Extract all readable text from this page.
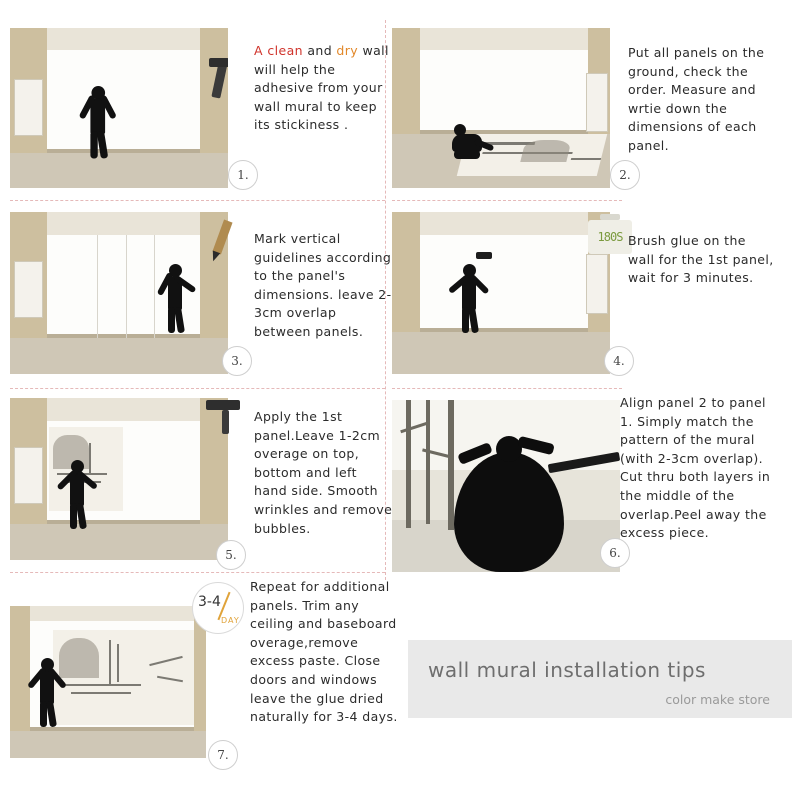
1.
A clean and dry wall will help the adhesive from your wall mural to keep its stickiness .
2.
Put all panels on the ground, check the order. Measure and wrtie down the dimensions of each panel.
3.
Mark vertical guidelines according to the panel's dimensions. leave 2-3cm overlap between panels.
180S
4.
Brush glue on the wall for the 1st panel, wait for 3 minutes.
5.
Apply the 1st panel.Leave 1-2cm overage on top, bottom and left hand side. Smooth wrinkles and remove bubbles.
6.
Align panel 2 to panel 1. Simply match the pattern of the mural (with 2-3cm overlap). Cut thru both layers in the middle of the overlap.Peel away the excess piece.
3-4
DAY
7.
Repeat for additional panels. Trim any ceiling and baseboard overage,remove excess paste. Close doors and windows leave the glue dried naturally for 3-4 days.
wall mural installation tips
color make store
